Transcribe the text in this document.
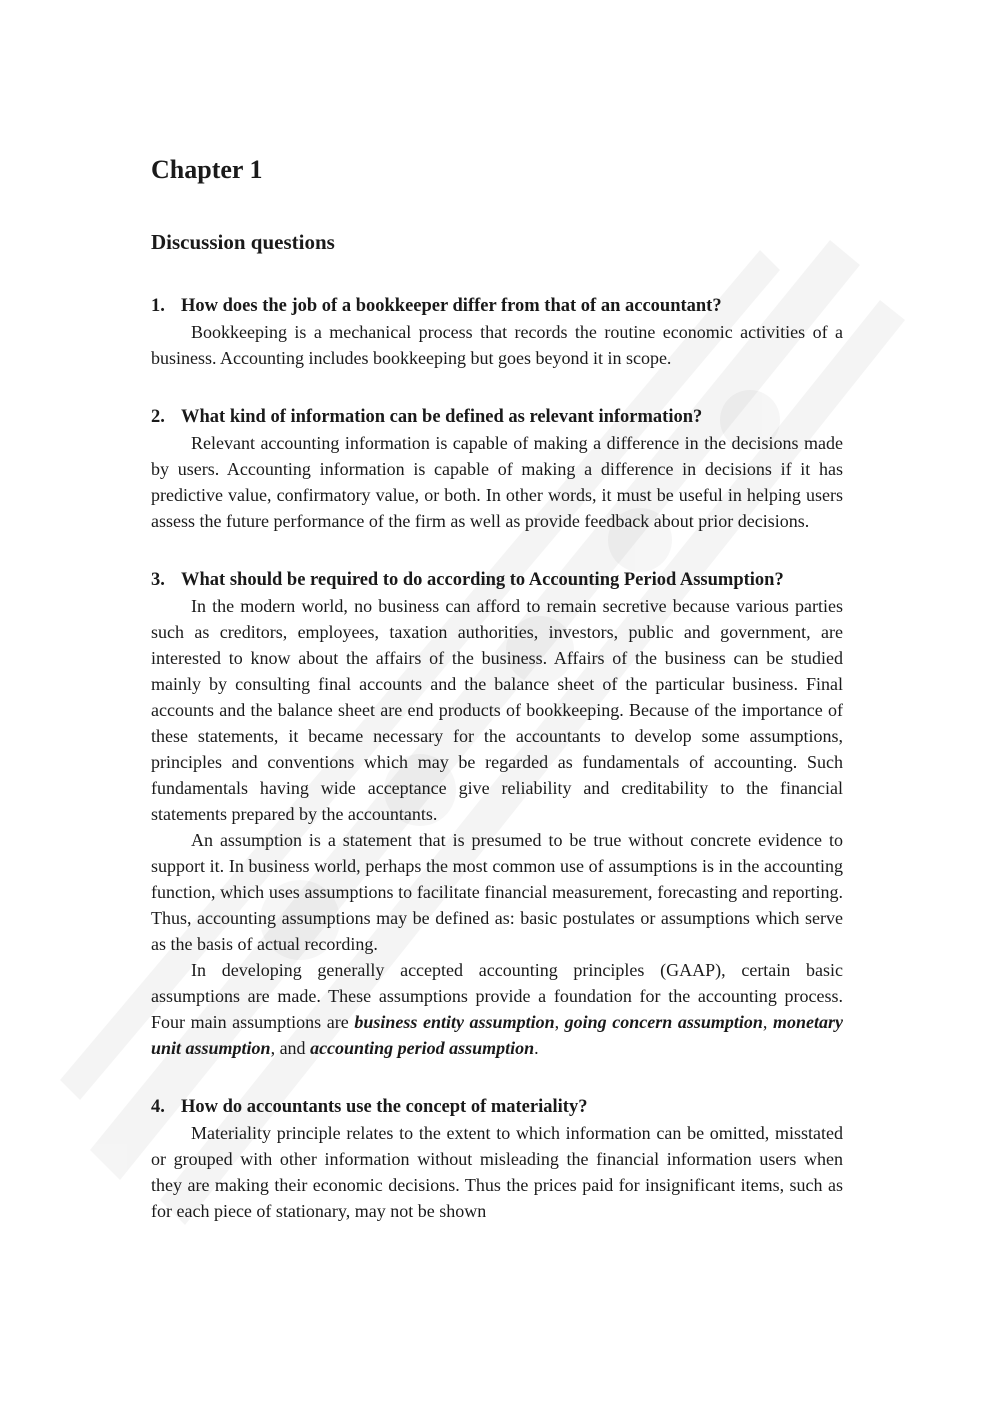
Chapter 1
Discussion questions

1. How does the job of a bookkeeper differ from that of an accountant?

Bookkeeping is a mechanical process that records the routine economic activities of a business. Accounting includes bookkeeping but goes beyond it in scope.

2. What kind of information can be defined as relevant information?

Relevant accounting information is capable of making a difference in the decisions made by users. Accounting information is capable of making a difference in decisions if it has predictive value, confirmatory value, or both. In other words, it must be useful in helping users assess the future performance of the firm as well as provide feedback about prior decisions.

3. What should be required to do according to Accounting Period Assumption?

In the modern world, no business can afford to remain secretive because various parties such as creditors, employees, taxation authorities, investors, public and government, are interested to know about the affairs of the business. Affairs of the business can be studied mainly by consulting final accounts and the balance sheet of the particular business. Final accounts and the balance sheet are end products of bookkeeping. Because of the importance of these statements, it became necessary for the accountants to develop some assumptions, principles and conventions which may be regarded as fundamentals of accounting. Such fundamentals having wide acceptance give reliability and creditability to the financial statements prepared by the accountants.

An assumption is a statement that is presumed to be true without concrete evidence to support it. In business world, perhaps the most common use of assumptions is in the accounting function, which uses assumptions to facilitate financial measurement, forecasting and reporting. Thus, accounting assumptions may be defined as: basic postulates or assumptions which serve as the basis of actual recording.

In developing generally accepted accounting principles (GAAP), certain basic assumptions are made. These assumptions provide a foundation for the accounting process. Four main assumptions are business entity assumption, going concern assumption, monetary unit assumption, and accounting period assumption.

4. How do accountants use the concept of materiality?

Materiality principle relates to the extent to which information can be omitted, misstated or grouped with other information without misleading the financial information users when they are making their economic decisions. Thus the prices paid for insignificant items, such as for each piece of stationary, may not be shown
